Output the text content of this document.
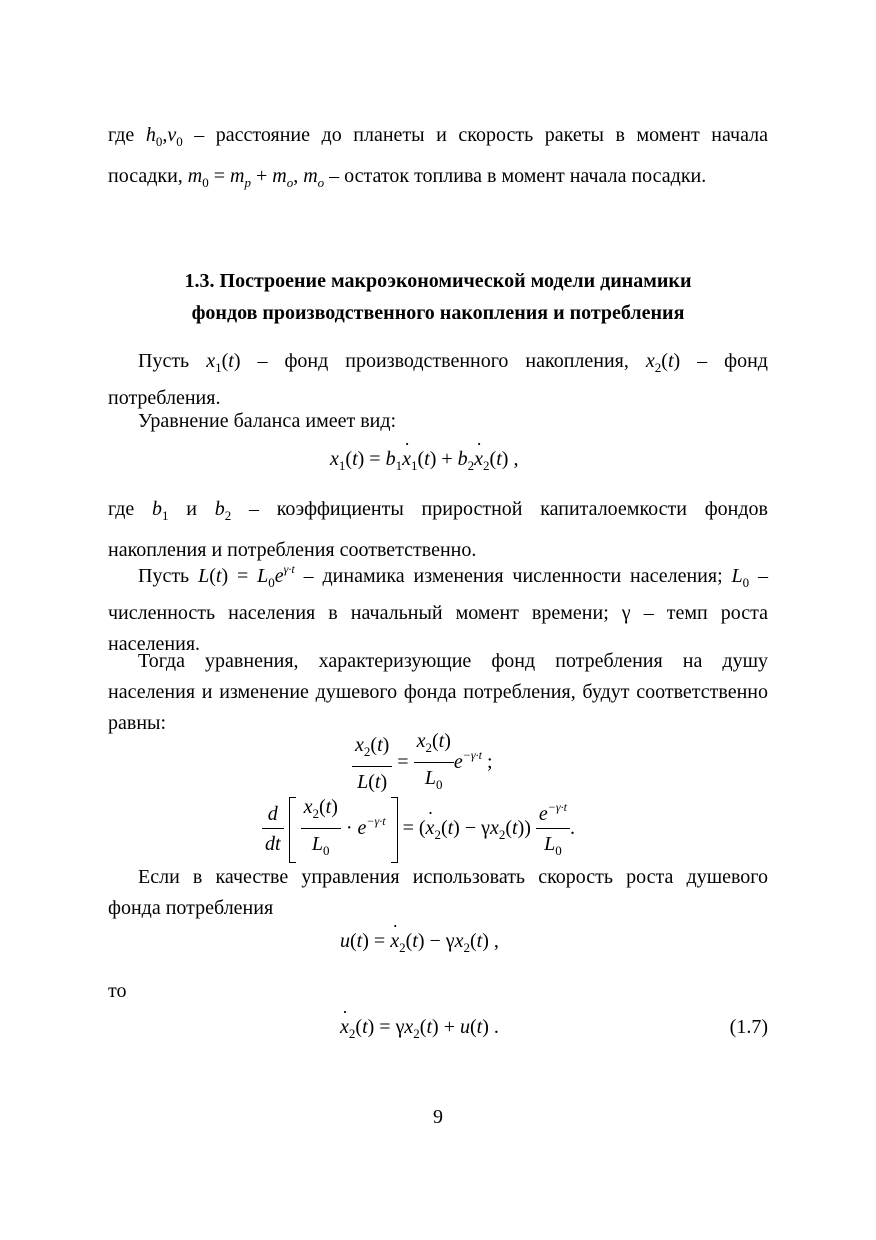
где $h_0,\nu_0$ – расстояние до планеты и скорость ракеты в момент начала посадки, $m_0 = m_p + m_o$, $m_o$ – остаток топлива в момент начала посадки.

1.3. Построение макроэкономической модели динамики
фондов производственного накопления и потребления

Пусть $x_1(t)$ – фонд производственного накопления, $x_2(t)$ – фонд потребления.

Уравнение баланса имеет вид:

$x_1(t) = b_1\cdot x_1(t) + b_2\cdot x_2(t)$ ,

где $b_1$ и $b_2$ – коэффициенты приростной капиталоемкости фондов накопления и потребления соответственно.

Пусть $L(t) = L_0e^{\gamma\cdot t}$ – динамика изменения численности населения; $L_0$ – численность населения в начальный момент времени; γ – темп роста населения.

Тогда уравнения, характеризующие фонд потребления на душу населения и изменение душевого фонда потребления, будут соответственно равны:

$\frac{x_2(t)}{L(t)} = \frac{x_2(t)}{L_0} e^{-\gamma\cdot t}$ ;
$\frac{d}{dt}$
$\frac{x_2(t)}{L_0} \cdot e^{-\gamma\cdot t}$  = (· $x_2(t) - \gamma x_2(t)) \frac{e^{-\gamma\cdot t}}{L_0}$ .

Если в качестве управления использовать скорость роста душевого фонда потребления

u(t) = · $x_2(t) - \gamma x_2(t)$ ,

то

· $x_2(t) = \gamma x_2(t) + u(t)$ .	(1.7)
9
